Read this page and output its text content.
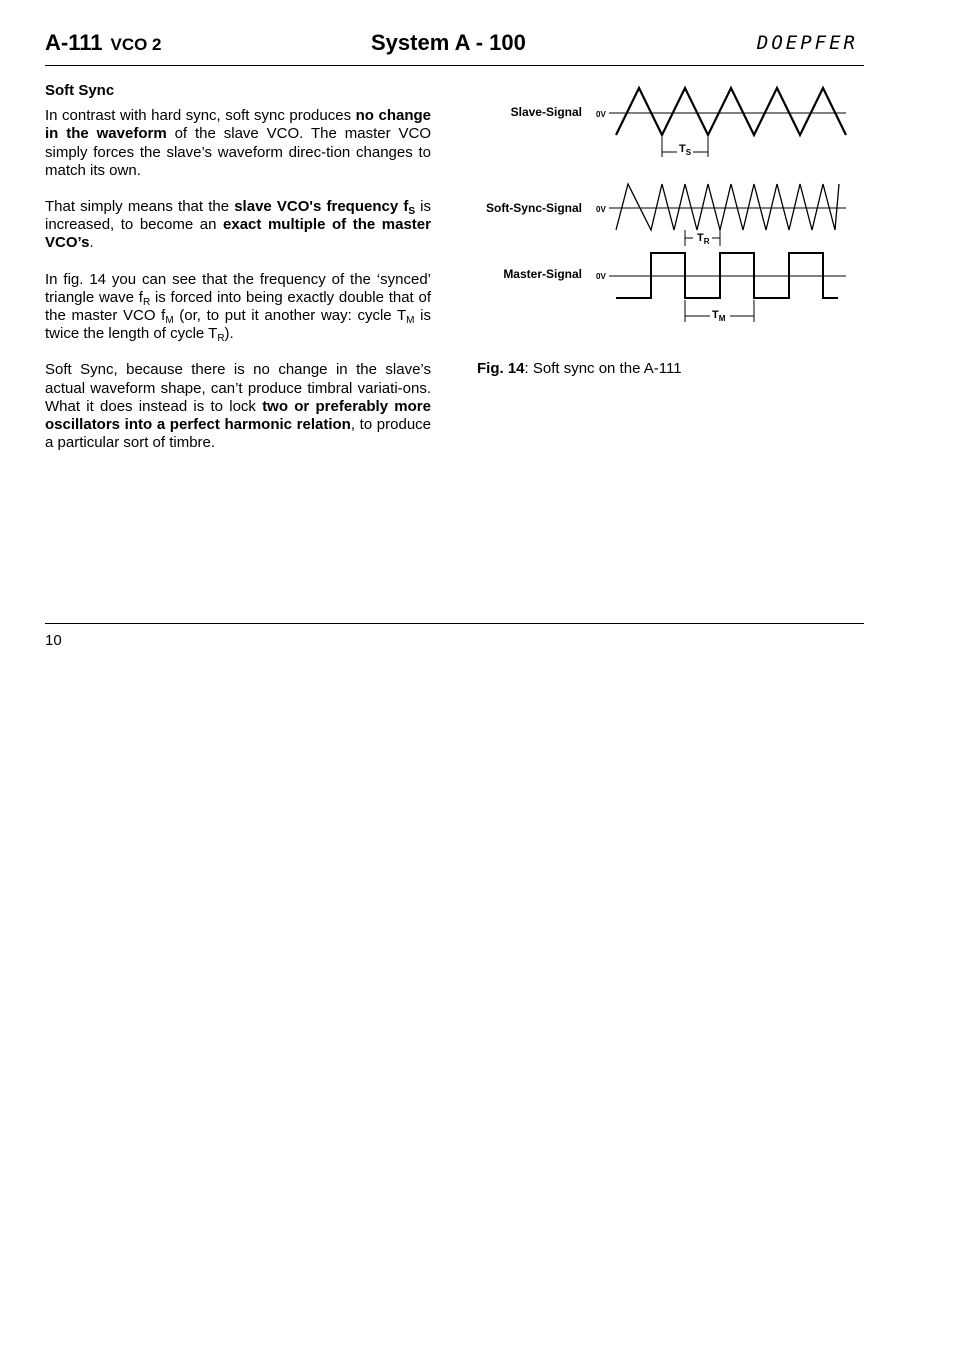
A-111 VCO 2	System A - 100	DOEPFER
Soft Sync

In contrast with hard sync, soft sync produces no change in the waveform of the slave VCO. The master VCO simply forces the slave’s waveform direc-tion changes to match its own.

That simply means that the slave VCO's frequency $f_S$ is increased, to become an exact multiple of the master VCO’s.

In fig. 14 you can see that the frequency of the ‘synced’ triangle wave $f_R$ is forced into being exactly double that of the master VCO $f_M$ (or, to put it another way: cycle $T_M$ is twice the length of cycle $T_R$).

Soft Sync, because there is no change in the slave’s actual waveform shape, can’t produce timbral variati-ons. What it does instead is to lock two or preferably more oscillators into a perfect harmonic relation, to produce a particular sort of timbre.

Slave-Signal 0V
$T_S$
Soft-Sync-Signal 0V
$T_R$
Master-Signal 0V
$T_M$
Fig. 14: Soft sync on the A-111
10
